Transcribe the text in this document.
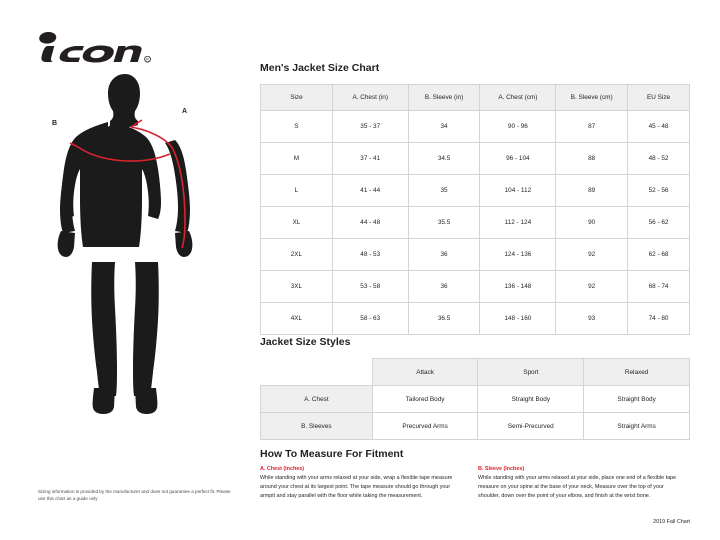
R
A
B
Sizing information is provided by the manufacturer and does not guarantee a perfect fit. Please use this chart as a guide only
Men's Jacket Size Chart
Size	A. Chest (in)	B. Sleeve (in)	A. Chest (cm)	B. Sleeve (cm)	EU Size
S	35 - 37	34	90 - 96	87	45 - 48
M	37 - 41	34.5	96 - 104	88	48 - 52
L	41 - 44	35	104 - 112	89	52 - 56
XL	44 - 48	35.5	112 - 124	90	56 - 62
2XL	48 - 53	36	124 - 136	92	62 - 68
3XL	53 - 58	36	136 - 148	92	68 - 74
4XL	58 - 63	36.5	148 - 160	93	74 - 80
Jacket Size Styles
	Attack	Sport	Relaxed
A. Chest	Tailored Body	Straight Body	Straight Body
B. Sleeves	Precurved Arms	Semi-Precurved	Straight Arms
How To Measure For Fitment
A. Chest (Inches)
While standing with your arms relaxed at your side, wrap a flexible tape measure around your chest at its largest point. The tape measure should go through your armpit and stay parallel with the floor while taking the measurement.
B. Sleeve (Inches)
While standing with your arms relaxed at your side, place one end of a flexible tape measure on your spine at the base of your neck, Measure over the top of your shoulder, down over the point of your elbow, and finish at the wrist bone.
2019 Fall Chart
